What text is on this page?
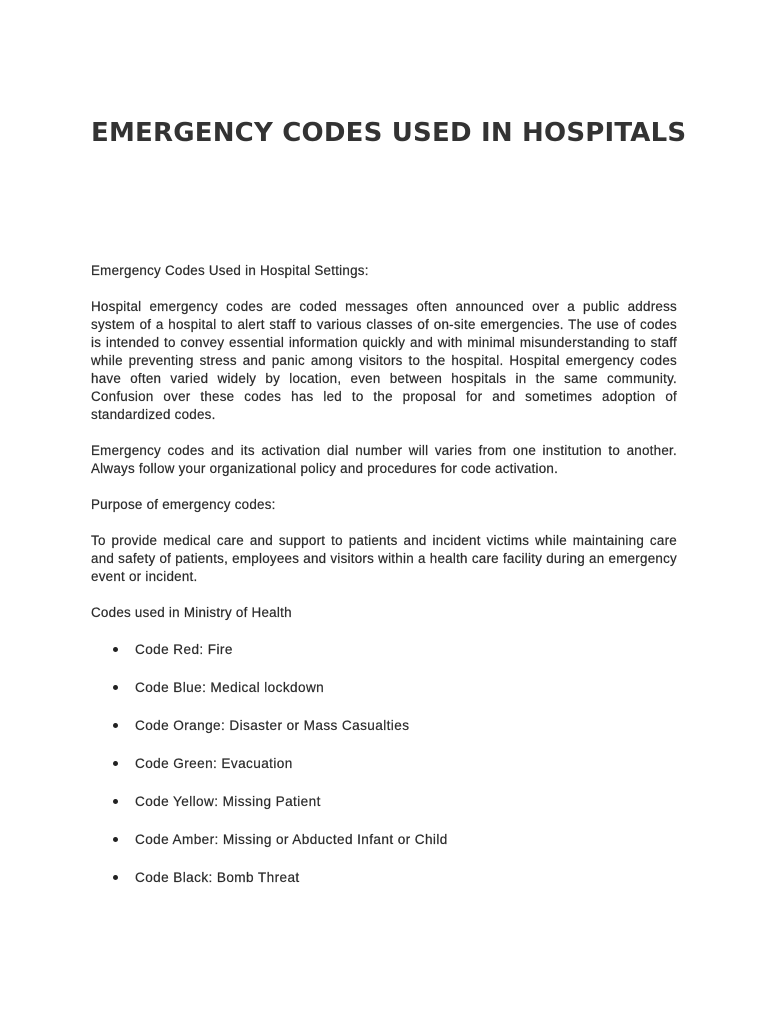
EMERGENCY CODES USED IN HOSPITALS

Emergency Codes Used in Hospital Settings:

Hospital emergency codes are coded messages often announced over a public address system of a hospital to alert staff to various classes of on-site emergencies. The use of codes is intended to convey essential information quickly and with minimal misunderstanding to staff while preventing stress and panic among visitors to the hospital. Hospital emergency codes have often varied widely by location, even between hospitals in the same community. Confusion over these codes has led to the proposal for and sometimes adoption of standardized codes.

Emergency codes and its activation dial number will varies from one institution to another. Always follow your organizational policy and procedures for code activation.

Purpose of emergency codes:

To provide medical care and support to patients and incident victims while maintaining care and safety of patients, employees and visitors within a health care facility during an emergency event or incident.

Codes used in Ministry of Health

Code Red: Fire
Code Blue: Medical lockdown
Code Orange: Disaster or Mass Casualties
Code Green: Evacuation
Code Yellow: Missing Patient
Code Amber: Missing or Abducted Infant or Child
Code Black: Bomb Threat
